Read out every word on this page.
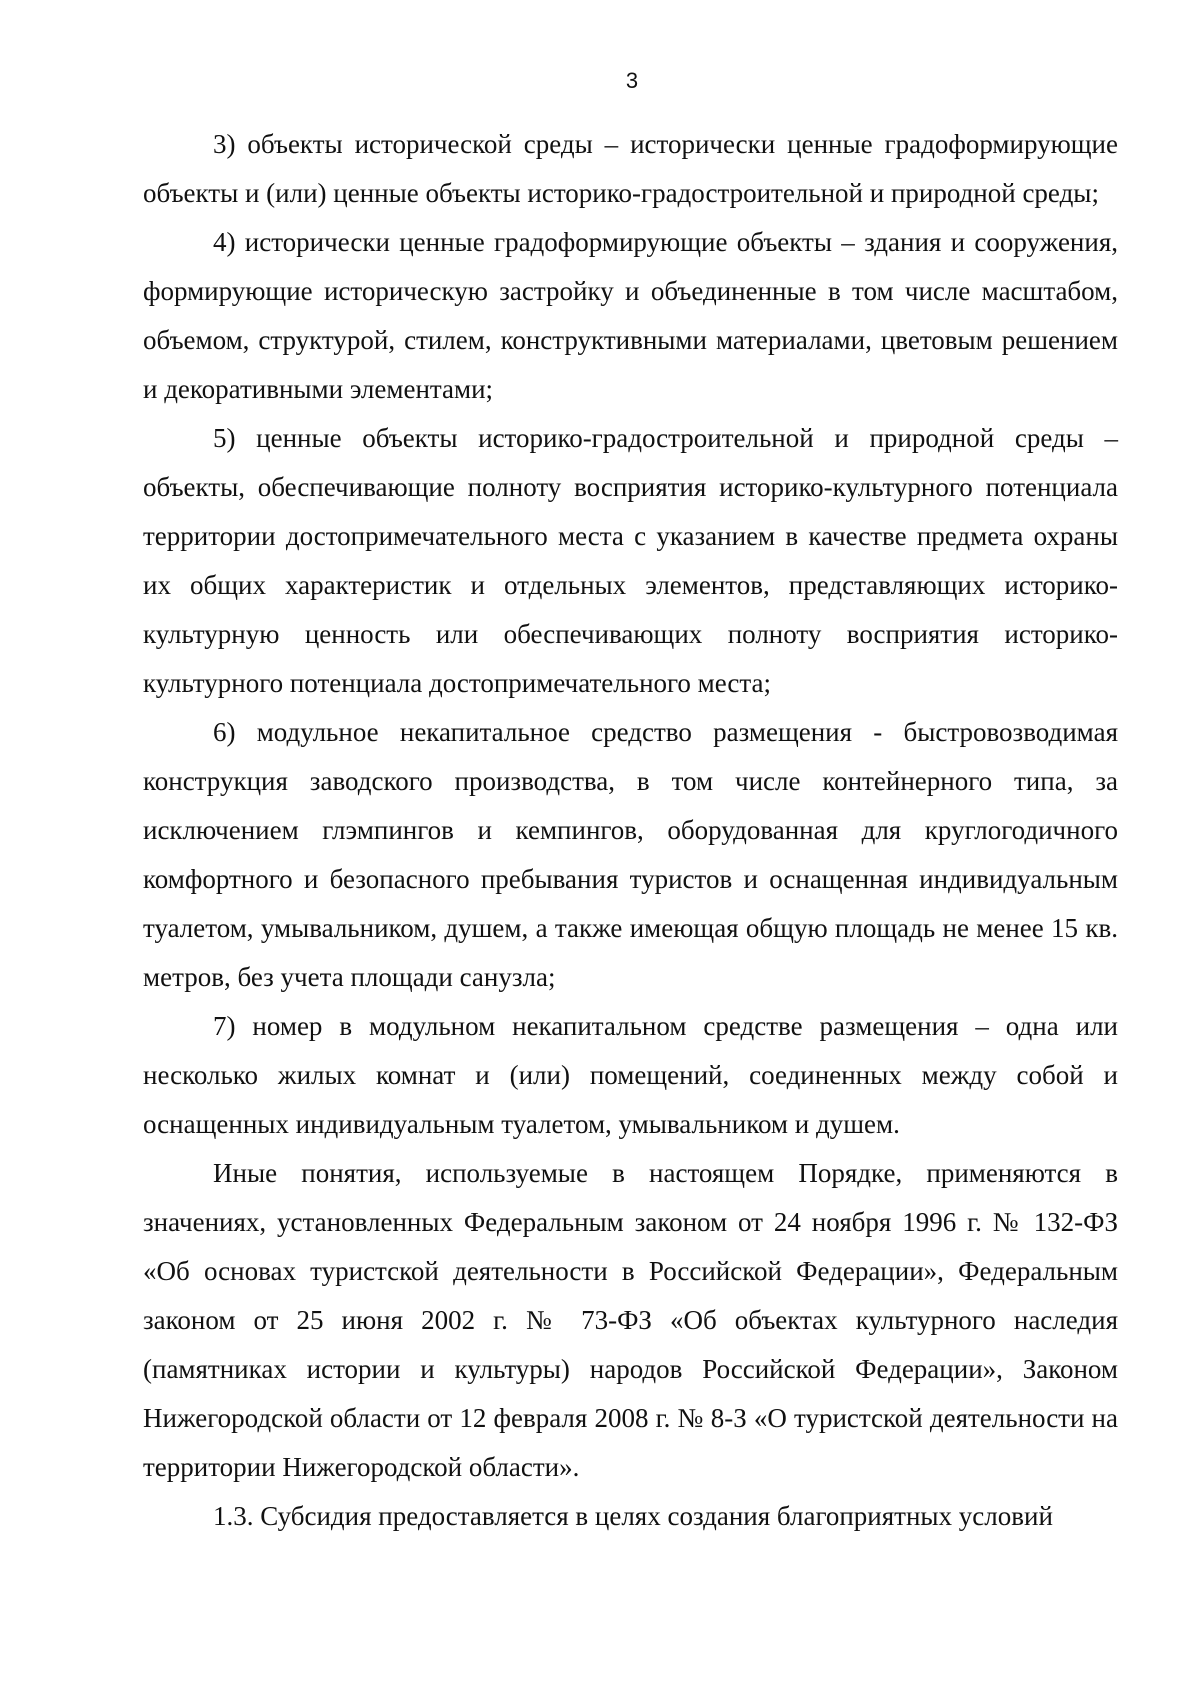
3

3) объекты исторической среды – исторически ценные градоформирующие объекты и (или) ценные объекты историко-градостроительной и природной среды;

4) исторически ценные градоформирующие объекты – здания и сооружения, формирующие историческую застройку и объединенные в том числе масштабом, объемом, структурой, стилем, конструктивными материалами, цветовым решением и декоративными элементами;

5) ценные объекты историко-градостроительной и природной среды – объекты, обеспечивающие полноту восприятия историко-культурного потенциала территории достопримечательного места с указанием в качестве предмета охраны их общих характеристик и отдельных элементов, представляющих историко-культурную ценность или обеспечивающих полноту восприятия историко-культурного потенциала достопримечательного места;

6) модульное некапитальное средство размещения - быстровозводимая конструкция заводского производства, в том числе контейнерного типа, за исключением глэмпингов и кемпингов, оборудованная для круглогодичного комфортного и безопасного пребывания туристов и оснащенная индивидуальным туалетом, умывальником, душем, а также имеющая общую площадь не менее 15 кв. метров, без учета площади санузла;

7) номер в модульном некапитальном средстве размещения – одна или несколько жилых комнат и (или) помещений, соединенных между собой и оснащенных индивидуальным туалетом, умывальником и душем.

Иные понятия, используемые в настоящем Порядке, применяются в значениях, установленных Федеральным законом от 24 ноября 1996 г. № 132-ФЗ «Об основах туристской деятельности в Российской Федерации», Федеральным законом от 25 июня 2002 г. № 73-ФЗ «Об объектах культурного наследия (памятниках истории и культуры) народов Российской Федерации», Законом Нижегородской области от 12 февраля 2008 г. № 8-З «О туристской деятельности на территории Нижегородской области».

1.3. Субсидия предоставляется в целях создания благоприятных условий
